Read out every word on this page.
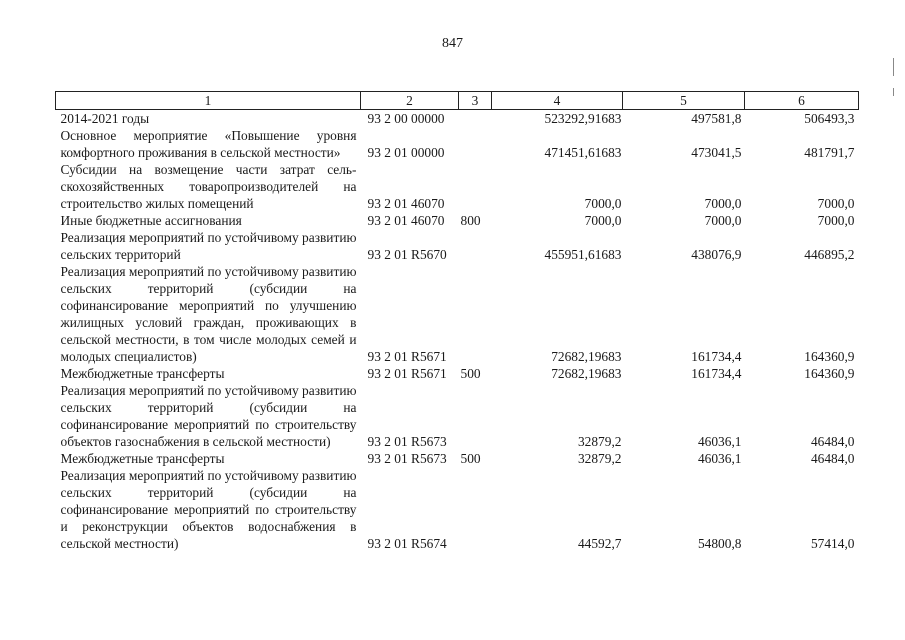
847
1	2	3	4	5	6
2014-2021 годы	93 2 00 00000		523292,91683	497581,8	506493,3
Основное мероприятие «Повышение уровня комфортного проживания в сельской местности»	93 2 01 00000		471451,61683	473041,5	481791,7
Субсидии на возмещение части затрат сельскохозяйственных товаропроизводителей на строительство жилых помещений	93 2 01 46070		7000,0	7000,0	7000,0
Иные бюджетные ассигнования	93 2 01 46070	800	7000,0	7000,0	7000,0
Реализация мероприятий по устойчивому развитию сельских территорий	93 2 01 R5670		455951,61683	438076,9	446895,2
Реализация мероприятий по устойчивому развитию сельских территорий (субсидии на софинансирование мероприятий по улучшению жилищных условий граждан, проживающих в сельской местности, в том числе молодых семей и молодых специалистов)	93 2 01 R5671		72682,19683	161734,4	164360,9
Межбюджетные трансферты	93 2 01 R5671	500	72682,19683	161734,4	164360,9
Реализация мероприятий по устойчивому развитию сельских территорий (субсидии на софинансирование мероприятий по строительству объектов газоснабжения в сельской местности)	93 2 01 R5673		32879,2	46036,1	46484,0
Межбюджетные трансферты	93 2 01 R5673	500	32879,2	46036,1	46484,0
Реализация мероприятий по устойчивому развитию сельских территорий (субсидии на софинансирование мероприятий по строительству и реконструкции объектов водоснабжения в сельской местности)	93 2 01 R5674		44592,7	54800,8	57414,0
